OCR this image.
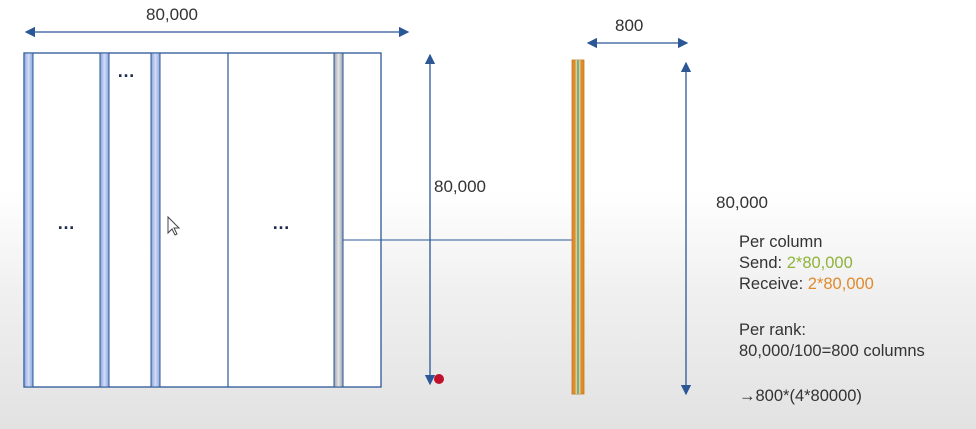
80,000
80,000
800
80,000
…
…	…
Per column
Send: 2*80,000
Receive: 2*80,000
Per rank:
80,000/100=800 columns
→800*(4*80000)
